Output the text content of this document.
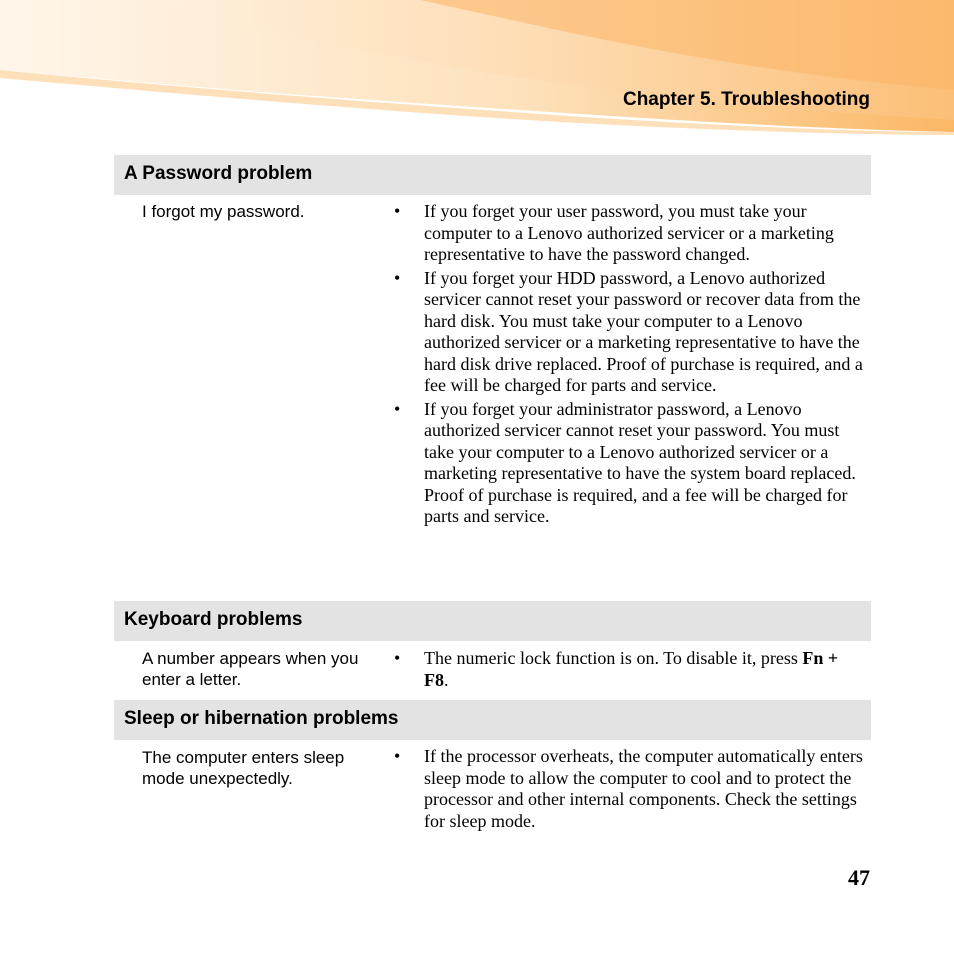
Chapter 5. Troubleshooting
A Password problem
I forgot my password.	• If you forget your user password, you must take your computer to a Lenovo authorized servicer or a marketing representative to have the password changed.
• If you forget your HDD password, a Lenovo authorized servicer cannot reset your password or recover data from the hard disk. You must take your computer to a Lenovo authorized servicer or a marketing representative to have the hard disk drive replaced. Proof of purchase is required, and a fee will be charged for parts and service.
• If you forget your administrator password, a Lenovo authorized servicer cannot reset your password. You must take your computer to a Lenovo authorized servicer or a marketing representative to have the system board replaced. Proof of purchase is required, and a fee will be charged for parts and service.
Keyboard problems
A number appears when you enter a letter.
• The numeric lock function is on. To disable it, press Fn + F8.
Sleep or hibernation problems
The computer enters sleep mode unexpectedly.
• If the processor overheats, the computer automatically enters sleep mode to allow the computer to cool and to protect the processor and other internal components. Check the settings for sleep mode.
47
